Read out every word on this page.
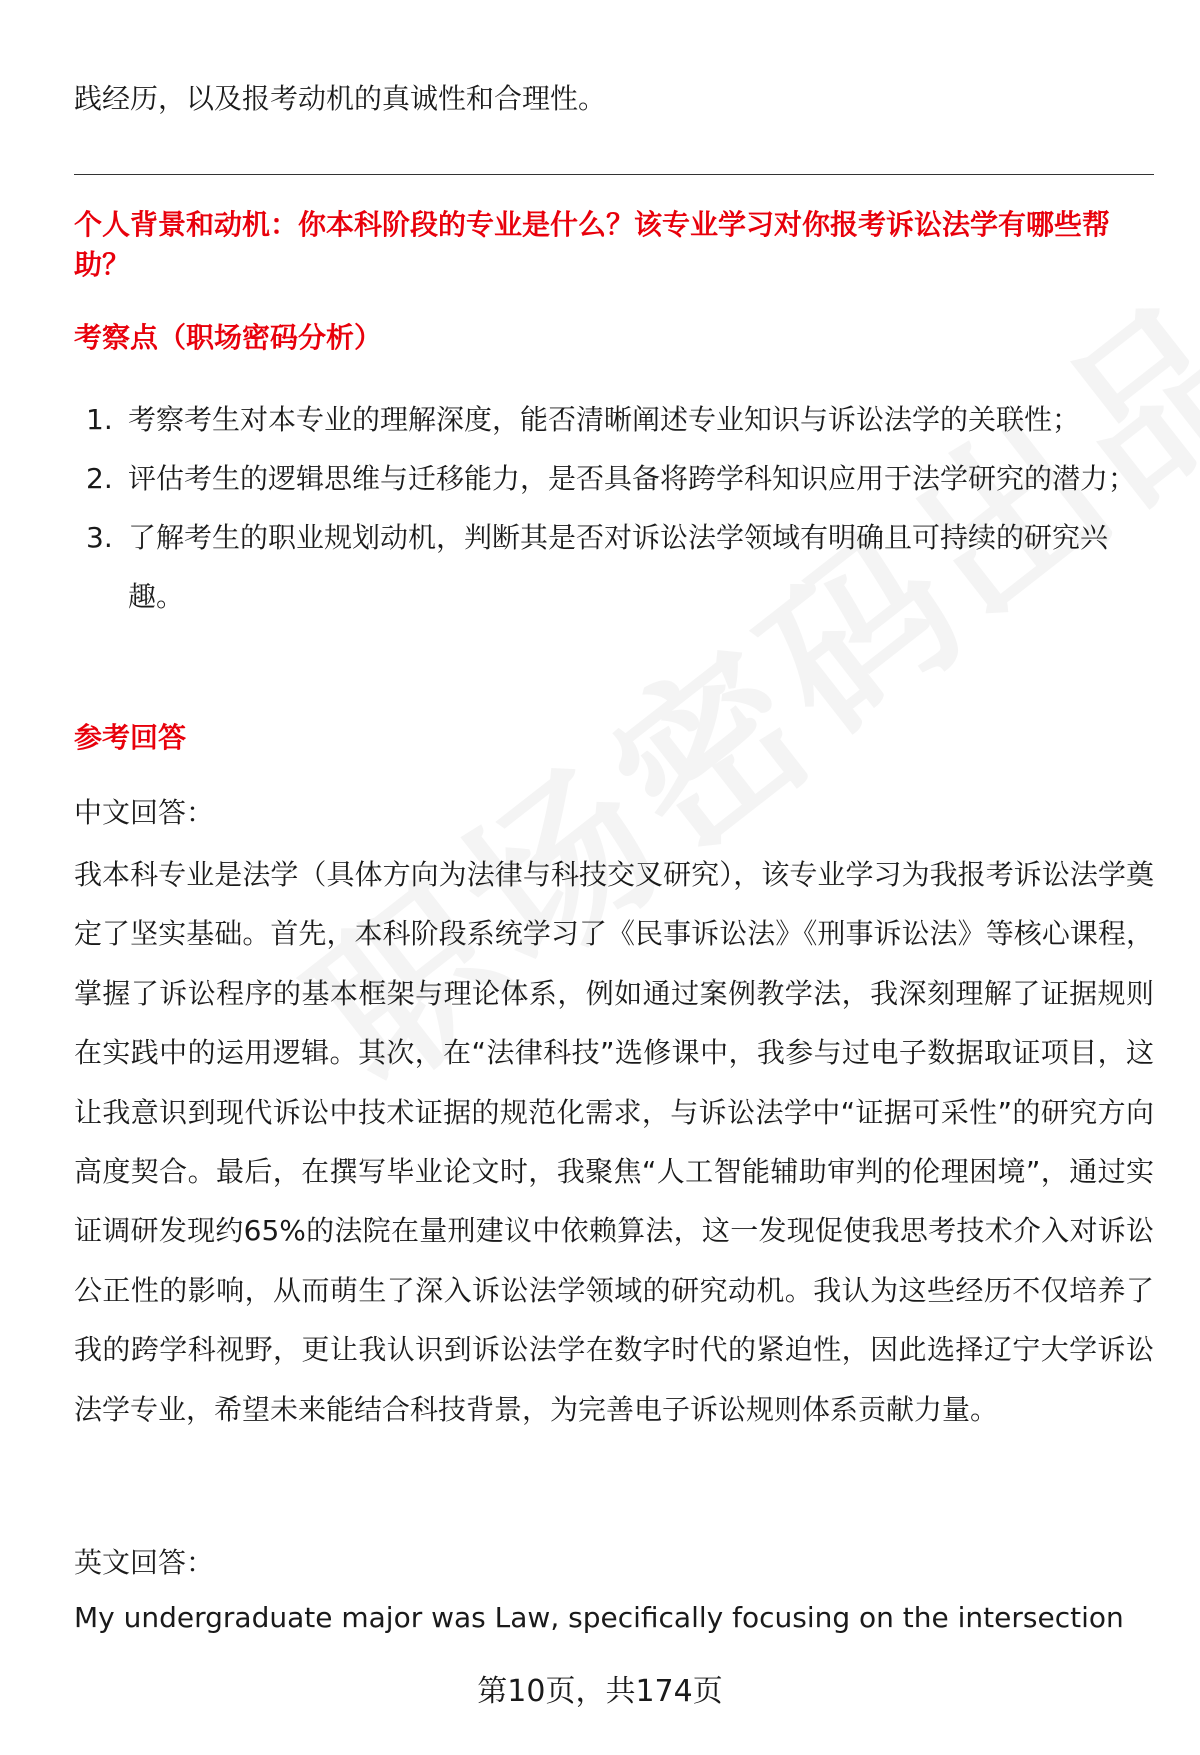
践经历，以及报考动机的真诚性和合理性。
个人背景和动机：你本科阶段的专业是什么？该专业学习对你报考诉讼法学有哪些帮助？
考察点（职场密码分析）
1. 考察考生对本专业的理解深度，能否清晰阐述专业知识与诉讼法学的关联性；
2. 评估考生的逻辑思维与迁移能力，是否具备将跨学科知识应用于法学研究的潜力；
3. 了解考生的职业规划动机，判断其是否对诉讼法学领域有明确且可持续的研究兴趣。
参考回答
中文回答：
我本科专业是法学（具体方向为法律与科技交叉研究），该专业学习为我报考诉讼法学奠定了坚实基础。首先，本科阶段系统学习了《民事诉讼法》《刑事诉讼法》等核心课程，掌握了诉讼程序的基本框架与理论体系，例如通过案例教学法，我深刻理解了证据规则在实践中的运用逻辑。其次，在“法律科技”选修课中，我参与过电子数据取证项目，这让我意识到现代诉讼中技术证据的规范化需求，与诉讼法学中“证据可采性”的研究方向高度契合。最后，在撰写毕业论文时，我聚焦“人工智能辅助审判的伦理困境”，通过实证调研发现约65%的法院在量刑建议中依赖算法，这一发现促使我思考技术介入对诉讼公正性的影响，从而萌生了深入诉讼法学领域的研究动机。我认为这些经历不仅培养了我的跨学科视野，更让我认识到诉讼法学在数字时代的紧迫性，因此选择辽宁大学诉讼法学专业，希望未来能结合科技背景，为完善电子诉讼规则体系贡献力量。
英文回答：
My undergraduate major was Law, specifically focusing on the intersection
第10页，共174页
